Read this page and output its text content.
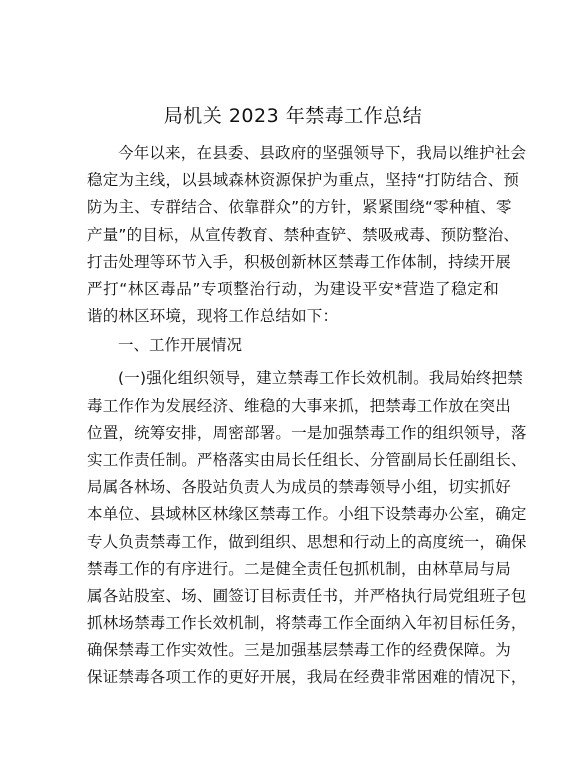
局机关 2023 年禁毒工作总结
今年以来，在县委、县政府的坚强领导下，我局以维护社会
稳定为主线，以县域森林资源保护为重点，坚持“打防结合、预
防为主、专群结合、依靠群众”的方针，紧紧围绕“零种植、零
产量”的目标，从宣传教育、禁种查铲、禁吸戒毒、预防整治、
打击处理等环节入手，积极创新林区禁毒工作体制，持续开展
严打“林区毒品”专项整治行动，为建设平安*营造了稳定和
谐的林区环境，现将工作总结如下：
一、工作开展情况
(一)强化组织领导，建立禁毒工作长效机制。我局始终把禁
毒工作作为发展经济、维稳的大事来抓，把禁毒工作放在突出
位置，统筹安排，周密部署。一是加强禁毒工作的组织领导，落
实工作责任制。严格落实由局长任组长、分管副局长任副组长、
局属各林场、各股站负责人为成员的禁毒领导小组，切实抓好
本单位、县域林区林缘区禁毒工作。小组下设禁毒办公室，确定
专人负责禁毒工作，做到组织、思想和行动上的高度统一，确保
禁毒工作的有序进行。二是健全责任包抓机制，由林草局与局
属各站股室、场、圃签订目标责任书，并严格执行局党组班子包
抓林场禁毒工作长效机制，将禁毒工作全面纳入年初目标任务，
确保禁毒工作实效性。三是加强基层禁毒工作的经费保障。为
保证禁毒各项工作的更好开展，我局在经费非常困难的情况下，
